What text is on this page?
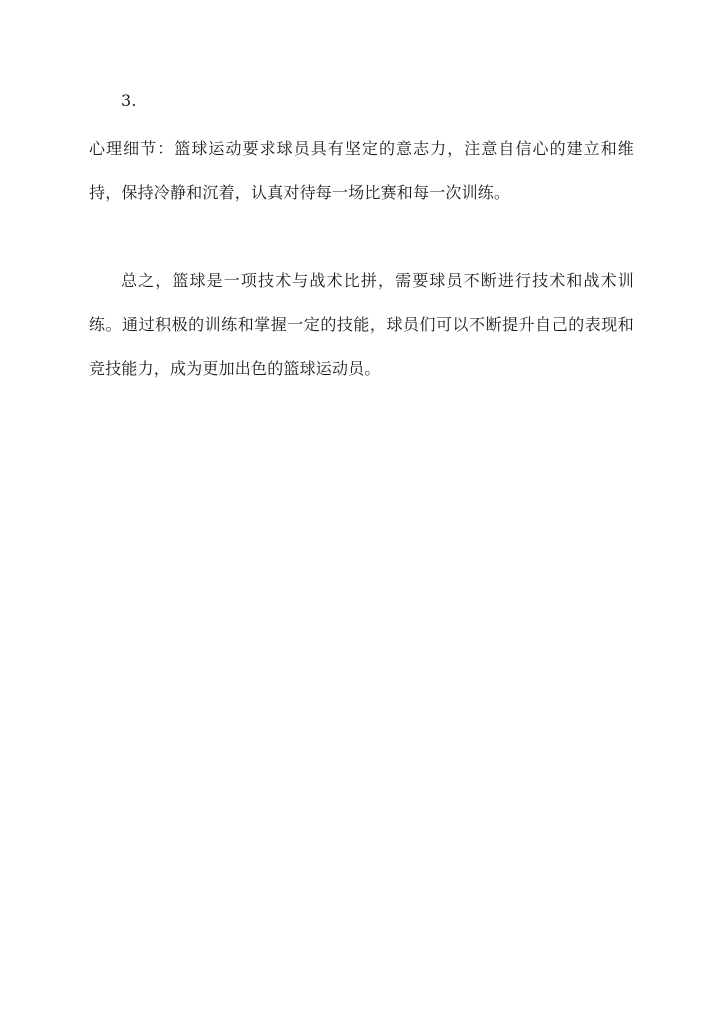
3.

心理细节：篮球运动要求球员具有坚定的意志力，注意自信心的建立和维持，保持冷静和沉着，认真对待每一场比赛和每一次训练。

总之，篮球是一项技术与战术比拼，需要球员不断进行技术和战术训练。通过积极的训练和掌握一定的技能，球员们可以不断提升自己的表现和竞技能力，成为更加出色的篮球运动员。
